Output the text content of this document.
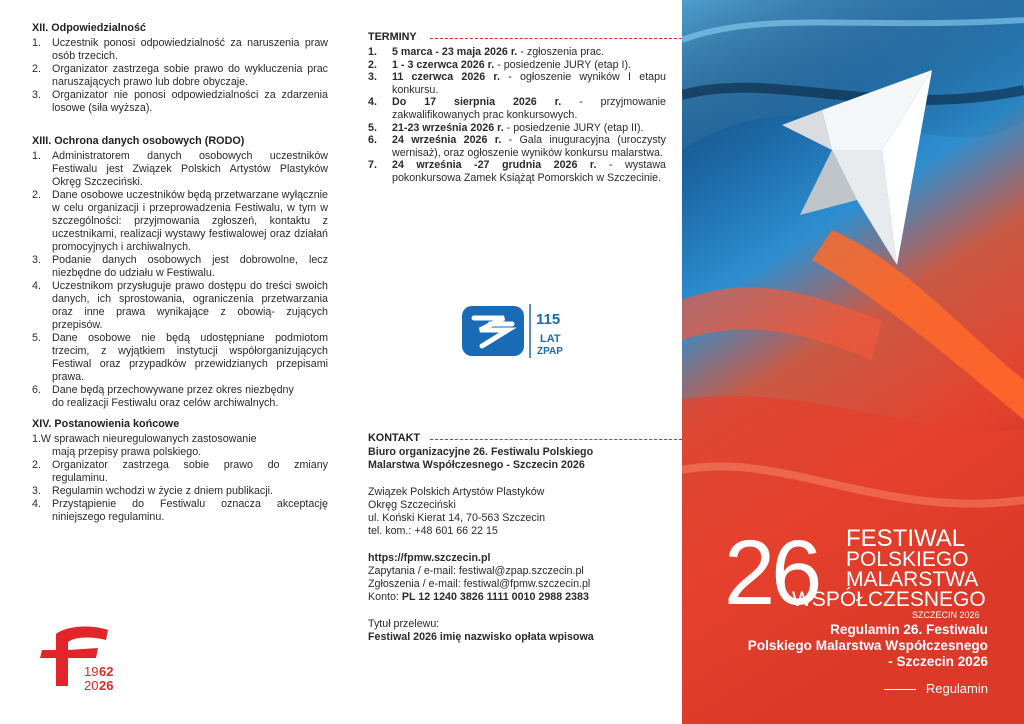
XII. Odpowiedzialność
1. Uczestnik ponosi odpowiedzialność za naruszenia praw osób trzecich.
2. Organizator zastrzega sobie prawo do wykluczenia prac naruszających prawo lub dobre obyczaje.
3. Organizator nie ponosi odpowiedzialności za zdarzenia losowe (siła wyższa).
XIII. Ochrona danych osobowych (RODO)
1. Administratorem danych osobowych uczestników Festiwalu jest Związek Polskich Artystów Plastyków Okręg Szczeciński.
2. Dane osobowe uczestników będą przetwarzane wyłącznie w celu organizacji i przeprowadzenia Festiwalu, w tym w szczególności: przyjmowania zgłoszeń, kontaktu z uczestnikami, realizacji wystawy festiwalowej oraz działań promocyjnych i archiwalnych.
3. Podanie danych osobowych jest dobrowolne, lecz niezbędne do udziału w Festiwalu.
4. Uczestnikom przysługuje prawo dostępu do treści swoich danych, ich sprostowania, ograniczenia przetwarzania oraz inne prawa wynikające z obowią- zujących przepisów.
5. Dane osobowe nie będą udostępniane podmiotom trzecim, z wyjątkiem instytucji współorganizujących Festiwal oraz przypadków przewidzianych przepisami prawa.
6. Dane będą przechowywane przez okres niezbędny
do realizacji Festiwalu oraz celów archiwalnych.
XIV. Postanowienia końcowe
1.W sprawach nieuregulowanych zastosowanie
mają przepisy prawa polskiego.
2. Organizator zastrzega sobie prawo do zmiany regulaminu.
3. Regulamin wchodzi w życie z dniem publikacji.
4. Przystąpienie do Festiwalu oznacza akceptację niniejszego regulaminu.
19 62
20 26
TERMINY
1. 5 marca - 23 maja 2026 r. - zgłoszenia prac.
2. 1 - 3 czerwca 2026 r. - posiedzenie JURY (etap I).
3. 11 czerwca 2026 r. - ogłoszenie wyników I etapu konkursu.
4. Do 17 sierpnia 2026 r. - przyjmowanie zakwalifikowanych prac konkursowych.
5. 21-23 września 2026 r. - posiedzenie JURY (etap II).
6. 24 września 2026 r. - Gala inuguracyjna (uroczysty wernisaż), oraz ogłoszenie wyników konkursu malarstwa.
7. 24 września -27 grudnia 2026 r. - wystawa pokonkursowa Zamek Książąt Pomorskich w Szczecinie.
115
LAT
ZPAP
KONTAKT

Biuro organizacyjne 26. Festiwalu Polskiego Malarstwa Współczesnego - Szczecin 2026

Związek Polskich Artystów Plastyków

Okręg Szczeciński

ul. Koński Kierat 14, 70-563 Szczecin

tel. kom.: +48 601 66 22 15

https://fpmw.szczecin.pl

Zapytania / e-mail: festiwal@zpap.szczecin.pl

Zgłoszenia / e-mail: festiwal@fpmw.szczecin.pl

Konto: PL 12 1240 3826 1111 0010 2988 2383

Tytuł przelewu:

Festiwal 2026 imię nazwisko opłata wpisowa

26 FESTIWAL
POLSKIEGO
MALARSTWA
WSPÓŁCZESNEGO
SZCZECIN 2026
Regulamin 26. Festiwalu
Polskiego Malarstwa Współczesnego
- Szczecin 2026
Regulamin
